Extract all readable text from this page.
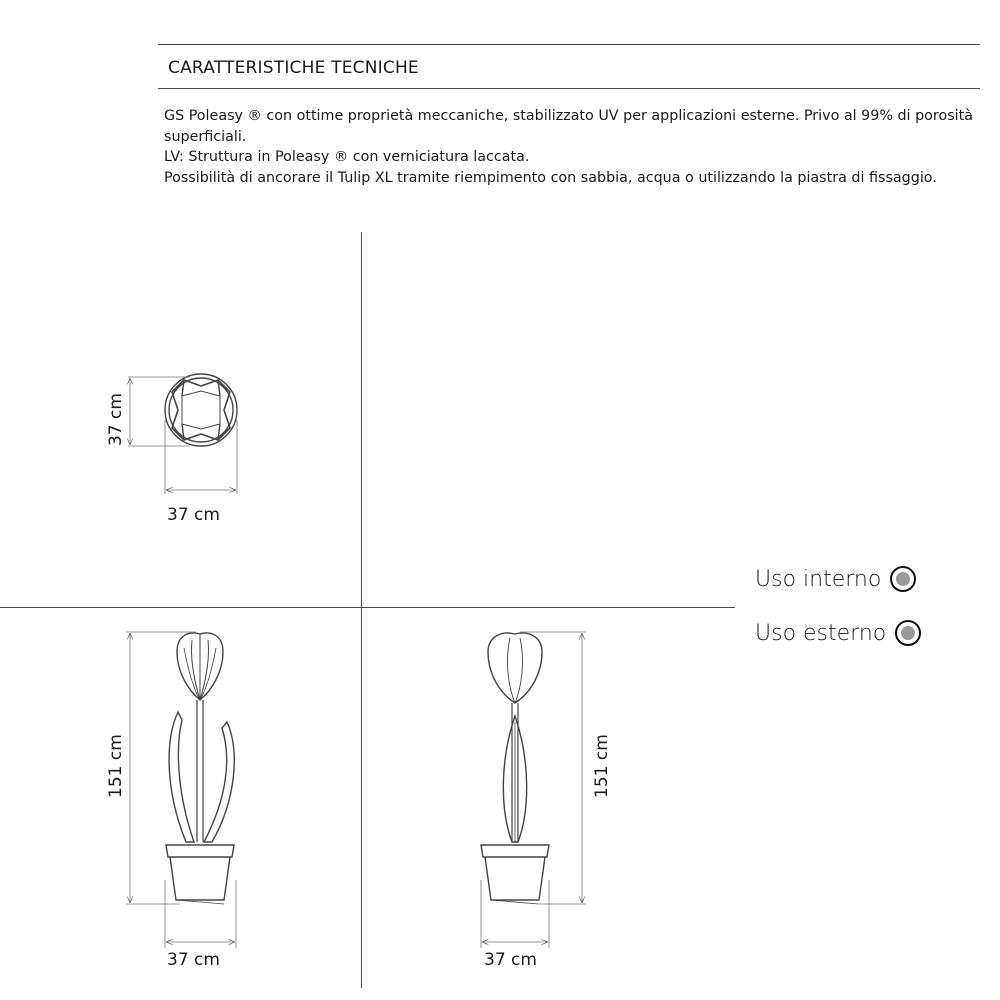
CARATTERISTICHE TECNICHE

GS Poleasy ® con ottime proprietà meccaniche, stabilizzato UV per applicazioni esterne. Privo al 99% di porosità superficiali.

LV: Struttura in Poleasy ® con verniciatura laccata.

Possibilità di ancorare il Tulip XL tramite riempimento con sabbia, acqua o utilizzando la piastra di fissaggio.

37 cm
37 cm
151 cm
37 cm
151 cm
37 cm
Uso interno
Uso esterno
